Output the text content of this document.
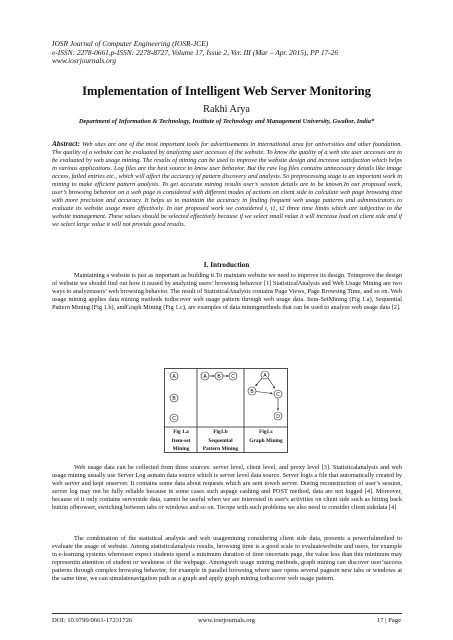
IOSR Journal of Computer Engineering (IOSR-JCE)
e-ISSN: 2278-0661,p-ISSN: 2278-8727, Volume 17, Issue 2, Ver. III (Mar – Apr. 2015), PP 17-26
www.iosrjournals.org
Implementation of Intelligent Web Server Monitoring
Rakhi Arya
Department of Information & Technology, Institute of Technology and Management University, Gwalior, India*
Abstract: Web sites are one of the most important tools for advertisements in international area for universities and other foundation. The quality of a website can be evaluated by analyzing user accesses of the website. To know the quality of a web site user accesses are to be evaluated by web usage mining. The results of mining can be used to improve the website design and increase satisfaction which helps in various applications. Log files are the best source to know user behavior. But the raw log files contains unnecessary details like image access, failed entries etc., which will affect the accuracy of pattern discovery and analysis. So preprocessing stage is an important work in mining to make efficient pattern analysis. To get accurate mining results user’s session details are to be known.In our proposed work, user’s browsing behavior on a web page is considered with different modes of actions on client side to calculate web page browsing time with more precision and accuracy. It helps us to maintain the accuracy in finding frequent web usage patterns and administrators to evaluate its website usage more effectively. In our proposed work we considered t, t1, t2 three time limits which are subjective to the website management. These values should be selected effectively because if we select small value it will increase load on client side and if we select large value it will not provide good results.
I. Introduction
Maintaining a website is just as important as building it.To maintain website we need to improve its design. Toimprove the design of website we should find out how it isused by analyzing users’ browsing behavior [1] StatisticalAnalysis and Web Usage Mining are two ways to analyzeusers’ web browsing behavior. The result of StatisticalAnalysis contains Page Views, Page Browsing Time, and so on. Web usage mining applies data mining methods todiscover web usage pattern through web usage data. Item-SetMining (Fig 1.a), Sequential Pattern Mining (Fig 1.b), andGraph Mining (Fig 1.c), are examples of data miningmethods that can be used to analyze web usage data [2].
A
B
C
A B C	A
B	C
D
Fig 1.a
Item-set
Mining
Fig1.b
Sequential
Pattern Mining
Fig1.c
Graph Mining
Web usage data can be collected from three sources: server level, client level, and proxy level [3]. Statisticalanalysis and web usage mining usually use Server Log asmain data source which is server level data source. Server logis a file that automatically created by web server and kept onserver. It contains some data about requests which are sent toweb server. During reconstruction of user’s session, server log may not be fully reliable because in some cases such aspage cashing and POST method, data are not logged [4]. Moreover, because of it only contains serverside data, cannot be useful when we are interested in user's activities on client side such as hitting back button ofbrowser, switching between tabs or windows and so on. Tocope with such problems we also need to consider client sidedata [4]
The combination of the statistical analysis and web usagemining considering client side data, presents a powerfulmethod to evaluate the usage of website. Among statisticalanalysis results, browsing time is a good scale to evaluatewebsite and users, for example in e-learning systems whereuser expect students spend a minimum duration of time oncertain page, the value less than this minimum may representin attention of student or weakness of the webpage. Amongweb usage mining methods, graph mining can discover user’saccess patterns through complex browsing behavior, for example in parallel browsing where user opens several pagesin new tabs or windows at the same time, we can simulatenavigation path as a graph and apply graph mining todiscover web usage pattern.
DOI: 10.9790/0661-17231726	www.iosrjournals.org	17 | Page
